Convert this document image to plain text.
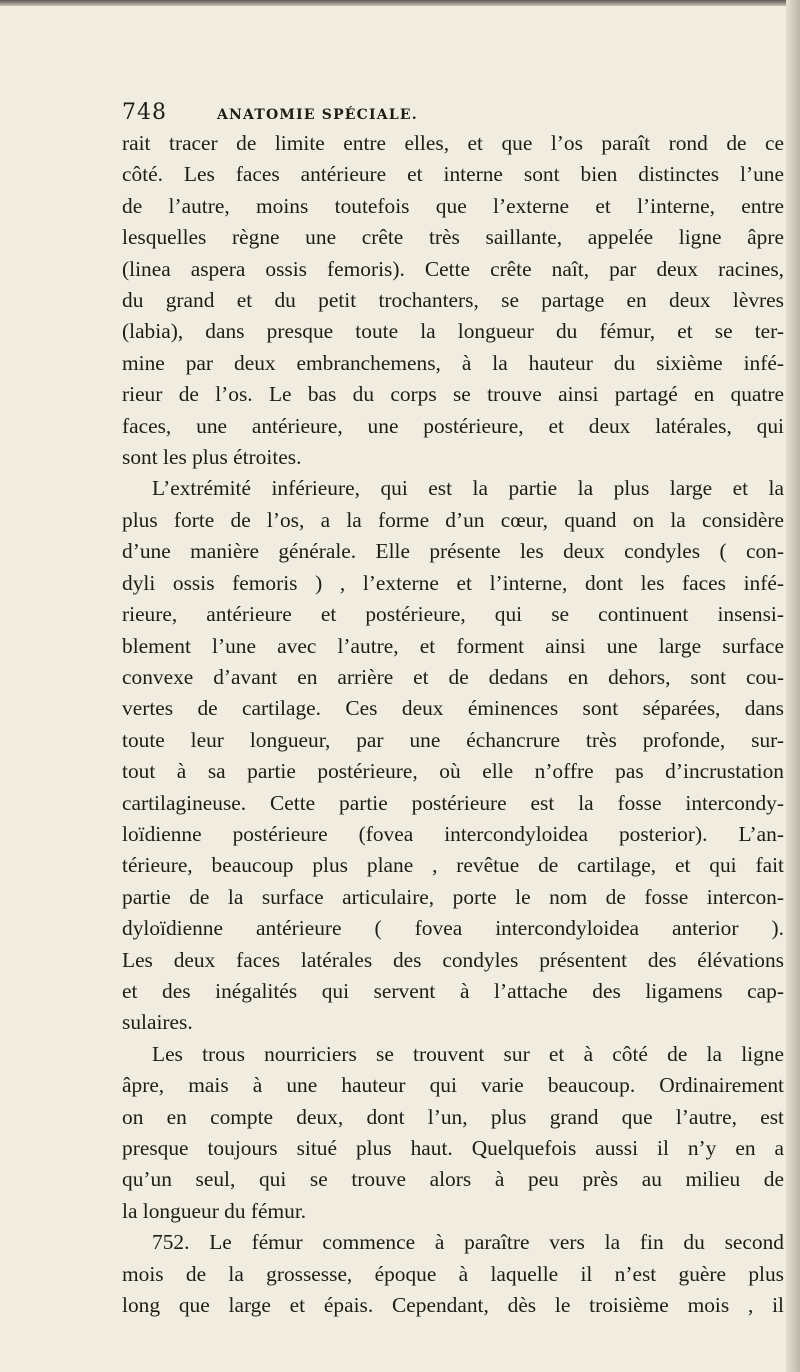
748	ANATOMIE SPÉCIALE.
rait tracer de limite entre elles, et que l’os paraît rond de ce
côté. Les faces antérieure et interne sont bien distinctes l’une
de l’autre, moins toutefois que l’externe et l’interne, entre
lesquelles règne une crête très saillante, appelée ligne âpre
(linea aspera ossis femoris). Cette crête naît, par deux racines,
du grand et du petit trochanters, se partage en deux lèvres
(labia), dans presque toute la longueur du fémur, et se ter-
mine par deux embranchemens, à la hauteur du sixième infé-
rieur de l’os. Le bas du corps se trouve ainsi partagé en quatre
faces, une antérieure, une postérieure, et deux latérales, qui
sont les plus étroites.
L’extrémité inférieure, qui est la partie la plus large et la
plus forte de l’os, a la forme d’un cœur, quand on la considère
d’une manière générale. Elle présente les deux condyles ( con-
dyli ossis femoris ) , l’externe et l’interne, dont les faces infé-
rieure, antérieure et postérieure, qui se continuent insensi-
blement l’une avec l’autre, et forment ainsi une large surface
convexe d’avant en arrière et de dedans en dehors, sont cou-
vertes de cartilage. Ces deux éminences sont séparées, dans
toute leur longueur, par une échancrure très profonde, sur-
tout à sa partie postérieure, où elle n’offre pas d’incrustation
cartilagineuse. Cette partie postérieure est la fosse intercondy-
loïdienne postérieure (fovea intercondyloidea posterior). L’an-
térieure, beaucoup plus plane , revêtue de cartilage, et qui fait
partie de la surface articulaire, porte le nom de fosse intercon-
dyloïdienne antérieure ( fovea intercondyloidea anterior ).
Les deux faces latérales des condyles présentent des élévations
et des inégalités qui servent à l’attache des ligamens cap-
sulaires.
Les trous nourriciers se trouvent sur et à côté de la ligne
âpre, mais à une hauteur qui varie beaucoup. Ordinairement
on en compte deux, dont l’un, plus grand que l’autre, est
presque toujours situé plus haut. Quelquefois aussi il n’y en a
qu’un seul, qui se trouve alors à peu près au milieu de
la longueur du fémur.
752. Le fémur commence à paraître vers la fin du second
mois de la grossesse, époque à laquelle il n’est guère plus
long que large et épais. Cependant, dès le troisième mois , il
